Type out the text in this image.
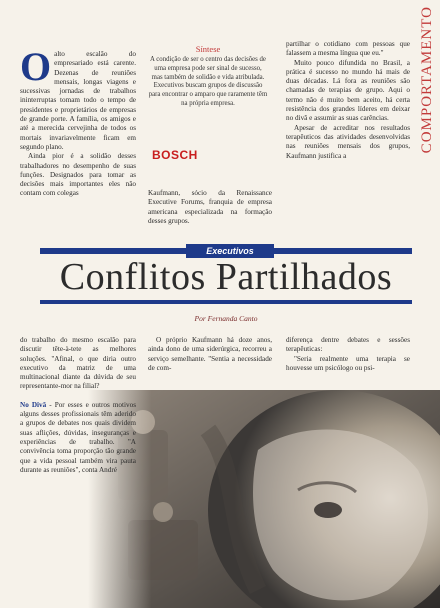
COMPORTAMENTO

O alto escalão do empresariado está carente. Dezenas de reuniões mensais, longas viagens e sucessivas jornadas de trabalhos ininterruptas tomam todo o tempo de presidentes e proprietários de empresas de grande porte. A família, os amigos e até a merecida cervejinha de todos os mortais invariavelmente ficam em segundo plano.

Ainda pior é a solidão desses trabalhadores no desempenho de suas funções. Designados para tomar as decisões mais importantes eles não contam com colegas

Síntese
A condição de ser o centro das decisões de uma empresa pode ser sinal de sucesso, mas também de solidão e vida atribulada. Executivos buscam grupos de discussão para encontrar o amparo que raramente têm na própria empresa.
BOSCH

Kaufmann, sócio da Renaissance Executive Forums, franquia de empresa americana especializada na formação desses grupos.

partilhar o cotidiano com pessoas que falassem a mesma língua que eu."

Muito pouco difundida no Brasil, a prática é sucesso no mundo há mais de duas décadas. Lá fora as reuniões são chamadas de terapias de grupo. Aqui o termo não é muito bem aceito, há certa resistência dos grandes líderes em deixar no divã e assumir as suas carências.

Apesar de acreditar nos resultados terapêuticos das atividades desenvolvidas nas reuniões mensais dos grupos, Kaufmann justifica a

Executivos
Conflitos Partilhados
Por Fernanda Canto

do trabalho do mesmo escalão para discutir tête-à-tete as melhores soluções. "Afinal, o que diria outro executivo da matriz de uma multinacional diante da dúvida de seu representante-mor na filial?

No Divã - Por esses e outros motivos alguns desses profissionais têm aderido a grupos de debates nos quais dividem suas aflições, dúvidas, inseguranças e experiências de trabalho. "A convivência toma proporção tão grande que a vida pessoal também vira pauta durante as reuniões", conta André

O próprio Kaufmann há doze anos, ainda dono de uma siderúrgica, recorreu a serviço semelhante. "Sentia a necessidade de com-

diferença dentre debates e sessões terapêuticas:

"Seria realmente uma terapia se houvesse um psicólogo ou psi-
